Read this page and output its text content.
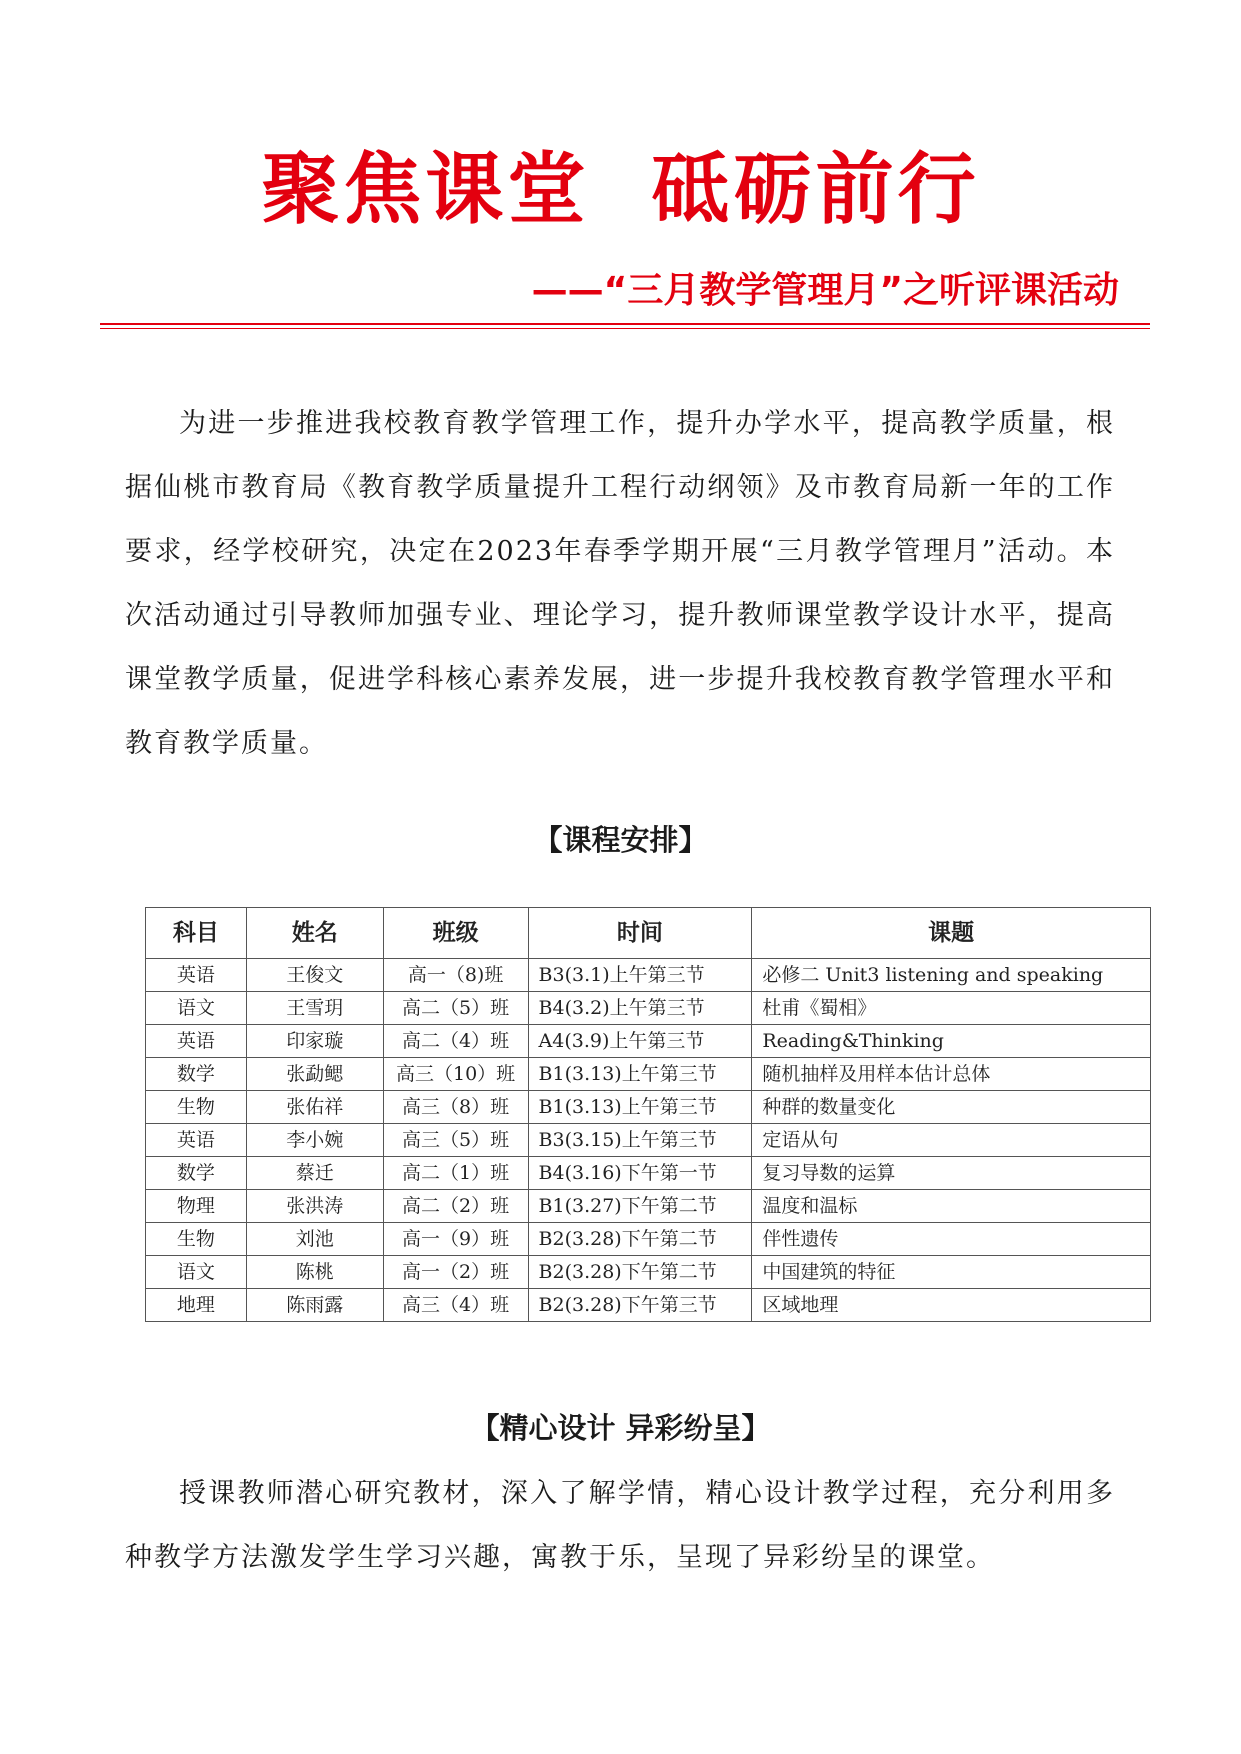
聚焦课堂  砥砺前行
——“三月教学管理月”之听评课活动

为进一步推进我校教育教学管理工作，提升办学水平，提高教学质量，根据仙桃市教育局《教育教学质量提升工程行动纲领》及市教育局新一年的工作要求，经学校研究，决定在2023年春季学期开展“三月教学管理月”活动。本次活动通过引导教师加强专业、理论学习，提升教师课堂教学设计水平，提高课堂教学质量，促进学科核心素养发展，进一步提升我校教育教学管理水平和教育教学质量。

【课程安排】
科目	姓名	班级	时间	课题
英语	王俊文	高一（8)班	B3(3.1)上午第三节	必修二 Unit3 listening and speaking
语文	王雪玥	高二（5）班	B4(3.2)上午第三节	杜甫《蜀相》
英语	印家璇	高二（4）班	A4(3.9)上午第三节	Reading&Thinking
数学	张勐鳃	高三（10）班	B1(3.13)上午第三节	随机抽样及用样本估计总体
生物	张佑祥	高三（8）班	B1(3.13)上午第三节	种群的数量变化
英语	李小婉	高三（5）班	B3(3.15)上午第三节	定语从句
数学	蔡迁	高二（1）班	B4(3.16)下午第一节	复习导数的运算
物理	张洪涛	高二（2）班	B1(3.27)下午第二节	温度和温标
生物	刘池	高一（9）班	B2(3.28)下午第二节	伴性遗传
语文	陈桃	高一（2）班	B2(3.28)下午第二节	中国建筑的特征
地理	陈雨露	高三（4）班	B2(3.28)下午第三节	区域地理
【精心设计 异彩纷呈】

授课教师潜心研究教材，深入了解学情，精心设计教学过程，充分利用多种教学方法激发学生学习兴趣，寓教于乐，呈现了异彩纷呈的课堂。
